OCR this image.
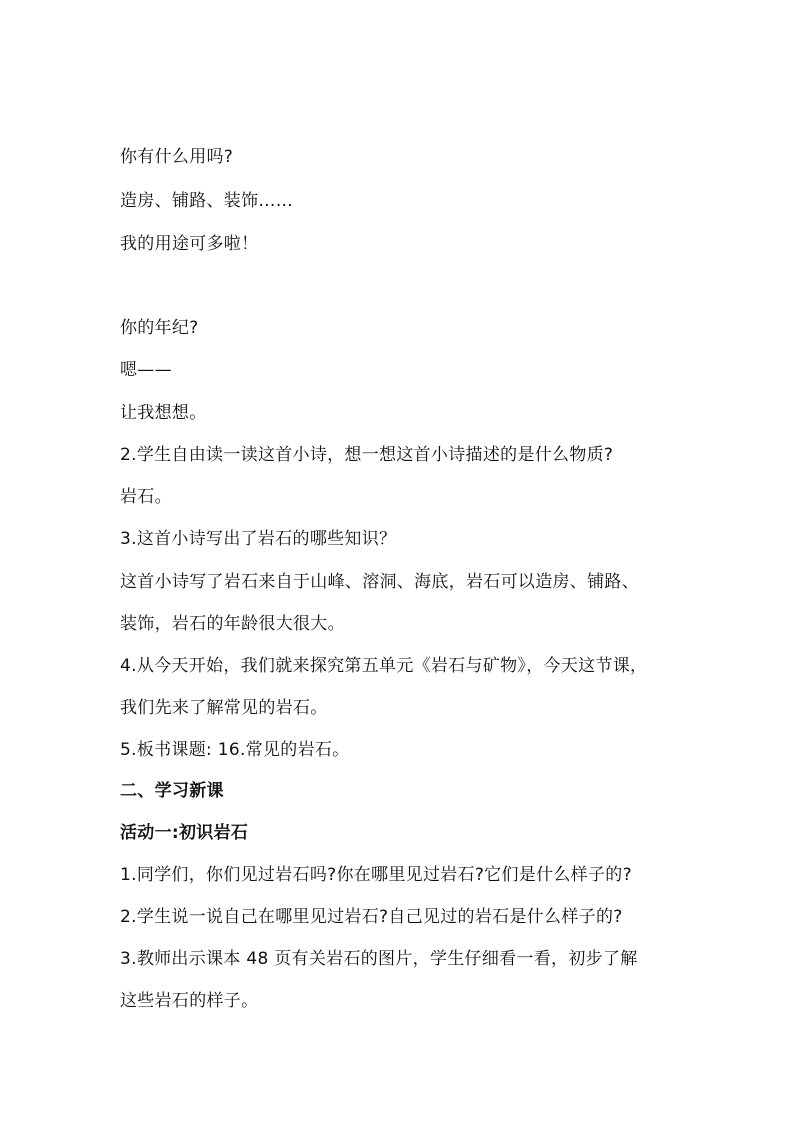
你有什么用吗?
造房、铺路、装饰……
我的用途可多啦！
你的年纪?
嗯——
让我想想。
2.学生自由读一读这首小诗，想一想这首小诗描述的是什么物质?
岩石。
3.这首小诗写出了岩石的哪些知识？
这首小诗写了岩石来自于山峰、溶洞、海底，岩石可以造房、铺路、
装饰，岩石的年龄很大很大。
4.从今天开始，我们就来探究第五单元《岩石与矿物》，今天这节课，
我们先来了解常见的岩石。
5.板书课题: 16.常见的岩石。
二、学习新课
活动一:初识岩石
1.同学们，你们见过岩石吗?你在哪里见过岩石?它们是什么样子的?
2.学生说一说自己在哪里见过岩石?自己见过的岩石是什么样子的?
3.教师出示课本 48 页有关岩石的图片，学生仔细看一看，初步了解
这些岩石的样子。
